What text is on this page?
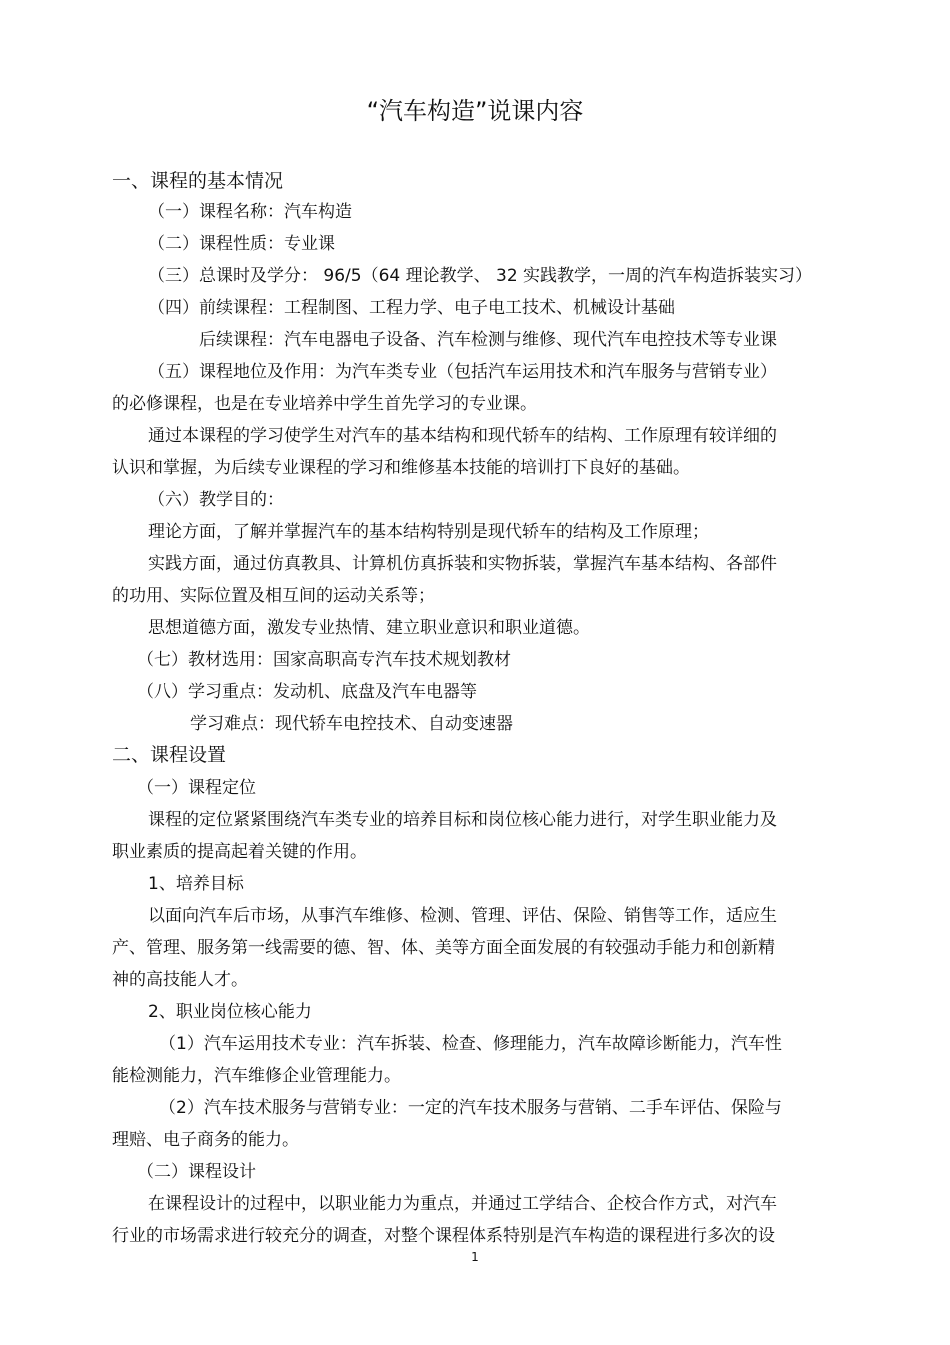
“汽车构造”说课内容
一、课程的基本情况
（一）课程名称：汽车构造
（二）课程性质：专业课
（三）总课时及学分： 96/5（64 理论教学、 32 实践教学，一周的汽车构造拆装实习）
（四）前续课程：工程制图、工程力学、电子电工技术、机械设计基础
后续课程：汽车电器电子设备、汽车检测与维修、现代汽车电控技术等专业课
（五）课程地位及作用：为汽车类专业（包括汽车运用技术和汽车服务与营销专业）
的必修课程，也是在专业培养中学生首先学习的专业课。
通过本课程的学习使学生对汽车的基本结构和现代轿车的结构、工作原理有较详细的
认识和掌握，为后续专业课程的学习和维修基本技能的培训打下良好的基础。
（六）教学目的：
理论方面，了解并掌握汽车的基本结构特别是现代轿车的结构及工作原理；
实践方面，通过仿真教具、计算机仿真拆装和实物拆装，掌握汽车基本结构、各部件
的功用、实际位置及相互间的运动关系等；
思想道德方面，激发专业热情、建立职业意识和职业道德。
（七）教材选用：国家高职高专汽车技术规划教材
（八）学习重点：发动机、底盘及汽车电器等
学习难点：现代轿车电控技术、自动变速器
二、课程设置
（一）课程定位
课程的定位紧紧围绕汽车类专业的培养目标和岗位核心能力进行，对学生职业能力及
职业素质的提高起着关键的作用。
1、培养目标
以面向汽车后市场，从事汽车维修、检测、管理、评估、保险、销售等工作，适应生
产、管理、服务第一线需要的德、智、体、美等方面全面发展的有较强动手能力和创新精
神的高技能人才。
2、职业岗位核心能力
（1）汽车运用技术专业：汽车拆装、检查、修理能力，汽车故障诊断能力，汽车性
能检测能力，汽车维修企业管理能力。
（2）汽车技术服务与营销专业：一定的汽车技术服务与营销、二手车评估、保险与
理赔、电子商务的能力。
（二）课程设计
在课程设计的过程中，以职业能力为重点，并通过工学结合、企校合作方式，对汽车
行业的市场需求进行较充分的调查，对整个课程体系特别是汽车构造的课程进行多次的设
1
